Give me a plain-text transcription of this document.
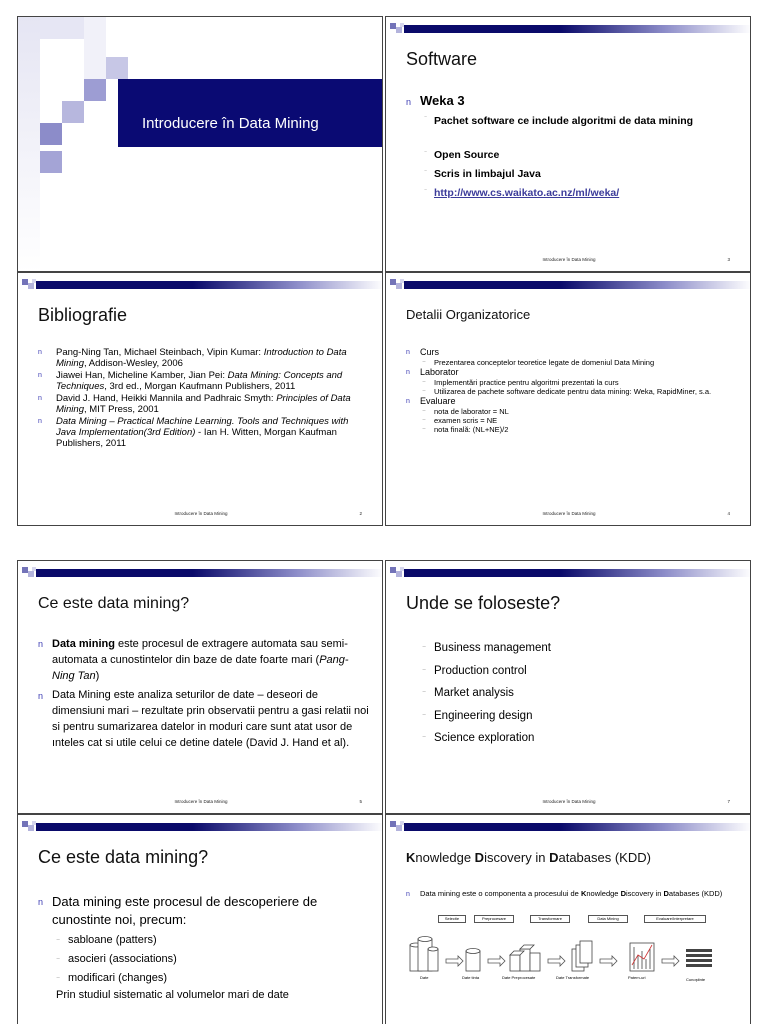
Introducere în Data Mining
Software
n Weka 3
⁻ Pachet software ce include algoritmi de data mining
⁻ Open Source
⁻ Scris in limbajul Java
⁻ http://www.cs.waikato.ac.nz/ml/weka/
Introducere în Data Mining	3
Bibliografie
n Pang-Ning Tan, Michael Steinbach, Vipin Kumar: Introduction to Data Mining, Addison-Wesley, 2006
n Jiawei Han, Micheline Kamber, Jian Pei: Data Mining: Concepts and Techniques, 3rd ed., Morgan Kaufmann Publishers, 2011
n David J. Hand, Heikki Mannila and Padhraic Smyth: Principles of Data Mining, MIT Press, 2001
n Data Mining – Practical Machine Learning. Tools and Techniques with Java Implementation(3rd Edition) - Ian H. Witten, Morgan Kaufman Publishers, 2011
Introducere în Data Mining	2
Detalii Organizatorice
n Curs
⁻ Prezentarea conceptelor teoretice legate de domeniul Data Mining
n Laborator
⁻ Implementări practice pentru algoritmi prezentati la curs
⁻ Utilizarea de pachete software dedicate pentru data mining: Weka, RapidMiner, s.a.
n Evaluare
⁻ nota de laborator = NL
⁻ examen scris = NE
⁻ nota finală: (NL+NE)/2
Introducere în Data Mining	4
Ce este data mining?
n Data mining este procesul de extragere automata sau semi-automata a cunostintelor din baze de date foarte mari (Pang-Ning Tan)
n Data Mining este analiza seturilor de date – deseori de dimensiuni mari – rezultate prin observatii pentru a gasi relatii noi si pentru sumarizarea datelor in moduri care sunt atat usor de ınteles cat si utile celui ce detine datele (David J. Hand et al).
Introducere în Data Mining	5
Unde se foloseste?
⁻ Business management
⁻ Production control
⁻ Market analysis
⁻ Engineering design
⁻ Science exploration
Introducere în Data Mining	7
Ce este data mining?
n Data mining este procesul de descoperiere de cunostinte noi, precum:
⁻ sabloane (patters)
⁻ asocieri (associations)
⁻ modificari (changes)
Prin studiul sistematic al volumelor mari de date
Knowledge Discovery in Databases (KDD)
n Data mining este o componenta a procesului de Knowledge Discovery in Databases (KDD)
Selectie	Preprocesare	Transformare	Data Mining	Evaluare/Interpretare
Date	Date tinta	Date Preprocesate	Date Transformate	Patern-uri	Cunoştinte
